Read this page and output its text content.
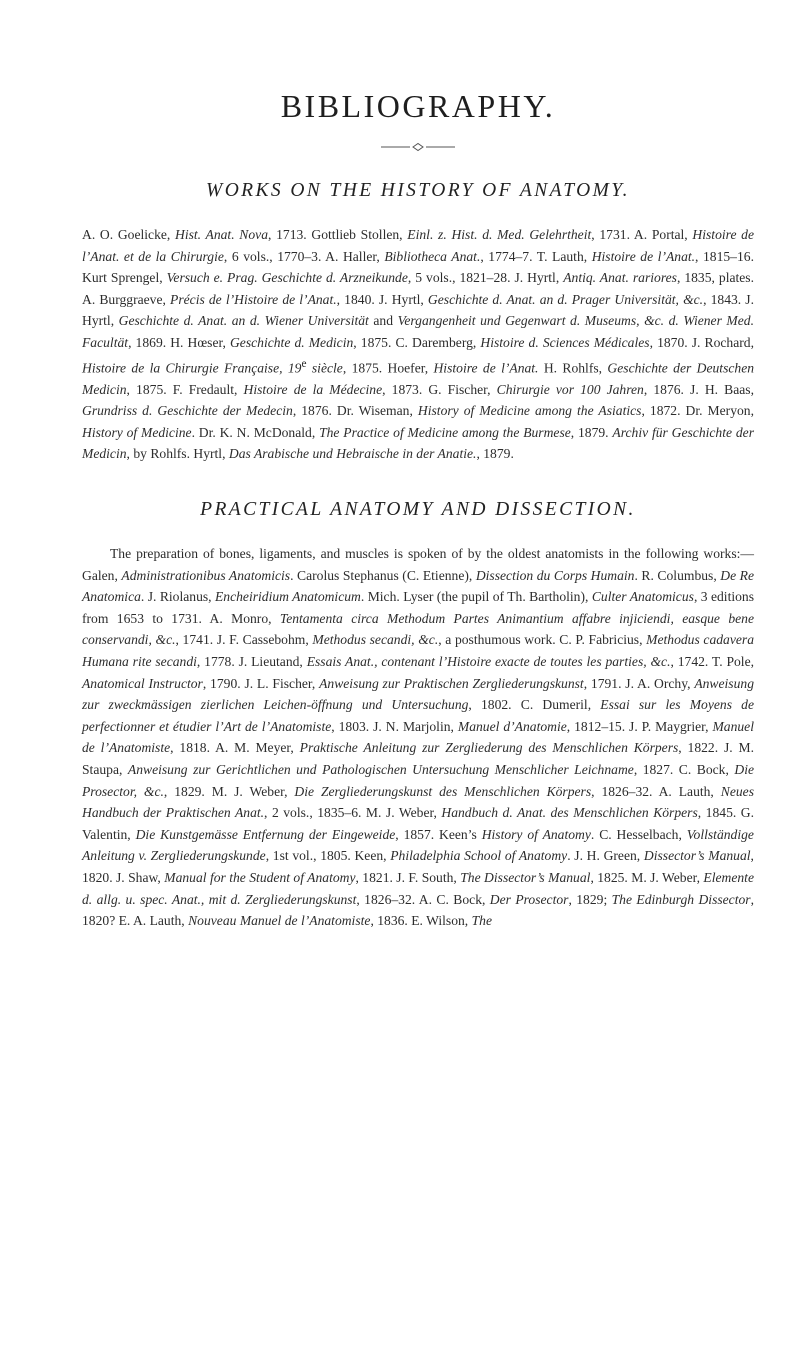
BIBLIOGRAPHY.
WORKS ON THE HISTORY OF ANATOMY.

A. O. Goelicke, Hist. Anat. Nova, 1713. Gottlieb Stollen, Einl. z. Hist. d. Med. Gelehrtheit, 1731. A. Portal, Histoire de l’Anat. et de la Chirurgie, 6 vols., 1770–3. A. Haller, Bibliotheca Anat., 1774–7. T. Lauth, Histoire de l’Anat., 1815–16. Kurt Sprengel, Versuch e. Prag. Geschichte d. Arzneikunde, 5 vols., 1821–28. J. Hyrtl, Antiq. Anat. rariores, 1835, plates. A. Burggraeve, Précis de l’Histoire de l’Anat., 1840. J. Hyrtl, Geschichte d. Anat. an d. Prager Universität, &c., 1843. J. Hyrtl, Geschichte d. Anat. an d. Wiener Universität and Vergangenheit und Gegenwart d. Museums, &c. d. Wiener Med. Facultät, 1869. H. Hœser, Geschichte d. Medicin, 1875. C. Daremberg, Histoire d. Sciences Médicales, 1870. J. Rochard, Histoire de la Chirurgie Française, 19e siècle, 1875. Hoefer, Histoire de l’Anat. H. Rohlfs, Geschichte der Deutschen Medicin, 1875. F. Fredault, Histoire de la Médecine, 1873. G. Fischer, Chirurgie vor 100 Jahren, 1876. J. H. Baas, Grundriss d. Geschichte der Medecin, 1876. Dr. Wiseman, History of Medicine among the Asiatics, 1872. Dr. Meryon, History of Medicine. Dr. K. N. McDonald, The Practice of Medicine among the Burmese, 1879. Archiv für Geschichte der Medicin, by Rohlfs. Hyrtl, Das Arabische und Hebraische in der Anatie., 1879.

PRACTICAL ANATOMY AND DISSECTION.

The preparation of bones, ligaments, and muscles is spoken of by the oldest anatomists in the following works:—Galen, Administrationibus Anatomicis. Carolus Stephanus (C. Etienne), Dissection du Corps Humain. R. Columbus, De Re Anatomica. J. Riolanus, Encheiridium Anatomicum. Mich. Lyser (the pupil of Th. Bartholin), Culter Anatomicus, 3 editions from 1653 to 1731. A. Monro, Tentamenta circa Methodum Partes Animantium affabre injiciendi, easque bene conservandi, &c., 1741. J. F. Cassebohm, Methodus secandi, &c., a posthumous work. C. P. Fabricius, Methodus cadavera Humana rite secandi, 1778. J. Lieutand, Essais Anat., contenant l’Histoire exacte de toutes les parties, &c., 1742. T. Pole, Anatomical Instructor, 1790. J. L. Fischer, Anweisung zur Praktischen Zergliederungskunst, 1791. J. A. Orchy, Anweisung zur zweckmässigen zierlichen Leichen-öffnung und Untersuchung, 1802. C. Dumeril, Essai sur les Moyens de perfectionner et étudier l’Art de l’Anatomiste, 1803. J. N. Marjolin, Manuel d’Anatomie, 1812–15. J. P. Maygrier, Manuel de l’Anatomiste, 1818. A. M. Meyer, Praktische Anleitung zur Zergliederung des Menschlichen Körpers, 1822. J. M. Staupa, Anweisung zur Gerichtlichen und Pathologischen Untersuchung Menschlicher Leichname, 1827. C. Bock, Die Prosector, &c., 1829. M. J. Weber, Die Zergliederungskunst des Menschlichen Körpers, 1826–32. A. Lauth, Neues Handbuch der Praktischen Anat., 2 vols., 1835–6. M. J. Weber, Handbuch d. Anat. des Menschlichen Körpers, 1845. G. Valentin, Die Kunstgemässe Entfernung der Eingeweide, 1857. Keen’s History of Anatomy. C. Hesselbach, Vollständige Anleitung v. Zergliederungskunde, 1st vol., 1805. Keen, Philadelphia School of Anatomy. J. H. Green, Dissector’s Manual, 1820. J. Shaw, Manual for the Student of Anatomy, 1821. J. F. South, The Dissector’s Manual, 1825. M. J. Weber, Elemente d. allg. u. spec. Anat., mit d. Zergliederungskunst, 1826–32. A. C. Bock, Der Prosector, 1829; The Edinburgh Dissector, 1820? E. A. Lauth, Nouveau Manuel de l’Anatomiste, 1836. E. Wilson, The
